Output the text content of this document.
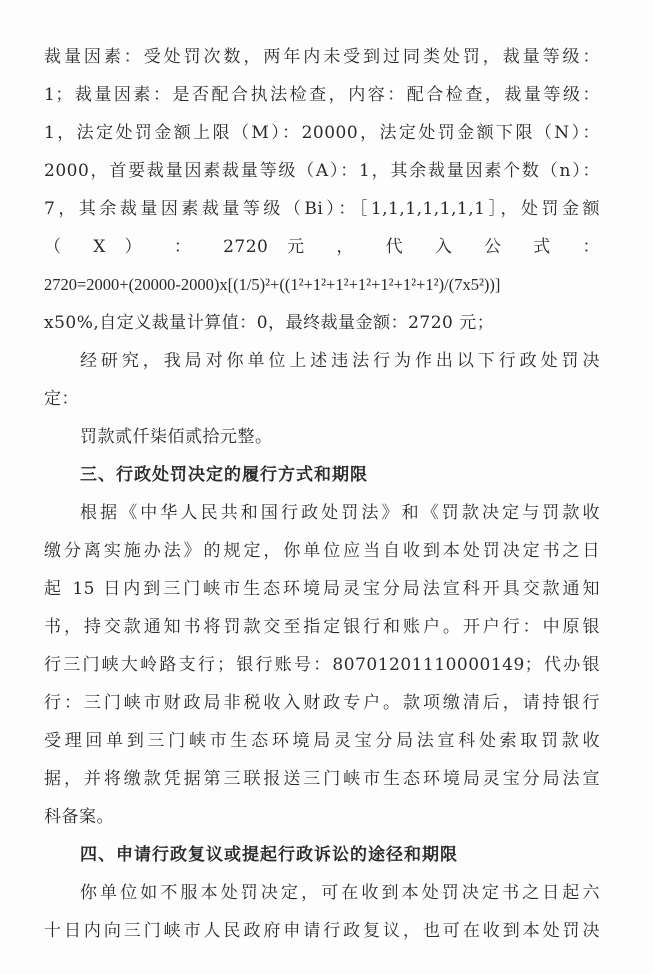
裁量因素：受处罚次数，两年内未受到过同类处罚，裁量等级：
1；裁量因素：是否配合执法检查，内容：配合检查，裁量等级：
1，法定处罚金额上限（M）：20000，法定处罚金额下限（N）：
2000，首要裁量因素裁量等级（A）：1，其余裁量因素个数（n）：
7，其余裁量因素裁量等级（Bi）：［1,1,1,1,1,1,1］，处罚金额
（ X ） ： 2720 元 ， 代 入 公 式 ：
2720=2000+(20000-2000)x[(1/5)²+((1²+1²+1²+1²+1²+1²+1²)/(7x5²))]
x50%,自定义裁量计算值：0，最终裁量金额：2720 元；
经研究，我局对你单位上述违法行为作出以下行政处罚决
定：
罚款贰仟柒佰贰拾元整。
三、行政处罚决定的履行方式和期限
根据《中华人民共和国行政处罚法》和《罚款决定与罚款收
缴分离实施办法》的规定，你单位应当自收到本处罚决定书之日
起 15 日内到三门峡市生态环境局灵宝分局法宣科开具交款通知
书，持交款通知书将罚款交至指定银行和账户。开户行：中原银
行三门峡大岭路支行；银行账号：80701201110000149；代办银
行：三门峡市财政局非税收入财政专户。款项缴清后，请持银行
受理回单到三门峡市生态环境局灵宝分局法宣科处索取罚款收
据，并将缴款凭据第三联报送三门峡市生态环境局灵宝分局法宣
科备案。
四、申请行政复议或提起行政诉讼的途径和期限
你单位如不服本处罚决定，可在收到本处罚决定书之日起六
十日内向三门峡市人民政府申请行政复议，也可在收到本处罚决
